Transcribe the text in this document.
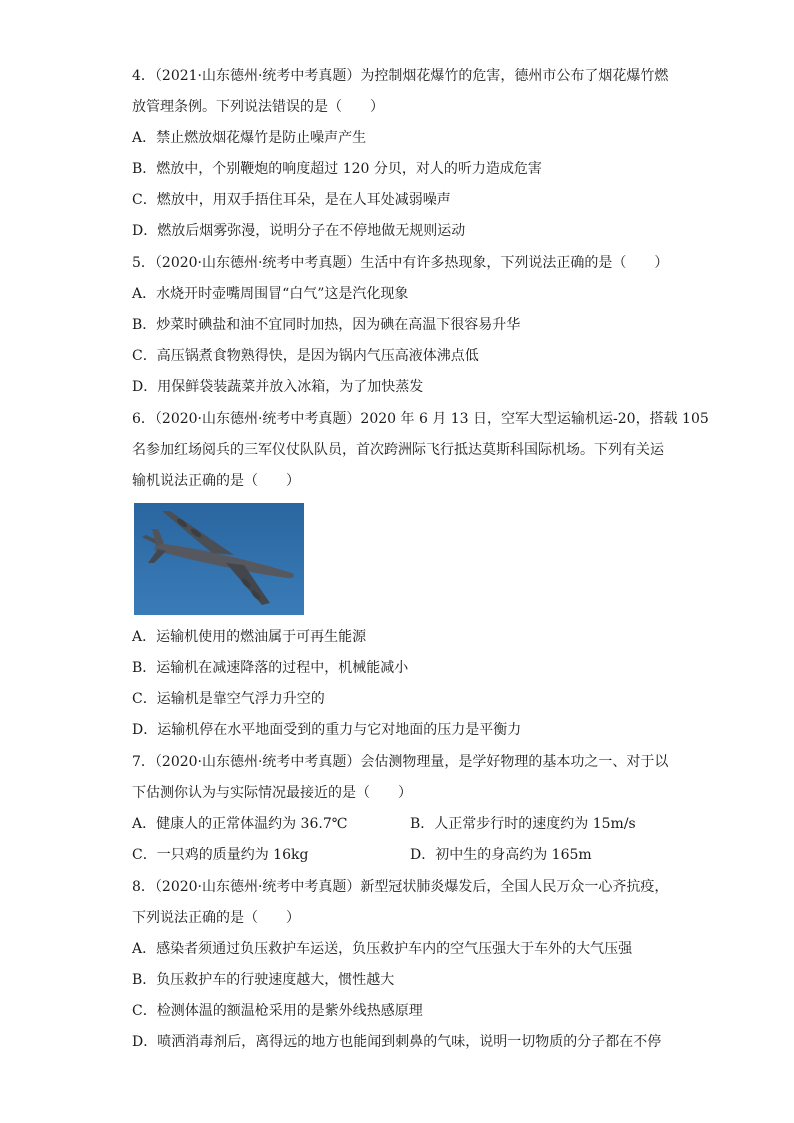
4．（2021·山东德州·统考中考真题）为控制烟花爆竹的危害，德州市公布了烟花爆竹燃
放管理条例。下列说法错误的是（　　）
A．禁止燃放烟花爆竹是防止噪声产生
B．燃放中，个别鞭炮的响度超过 120 分贝，对人的听力造成危害
C．燃放中，用双手捂住耳朵，是在人耳处减弱噪声
D．燃放后烟雾弥漫，说明分子在不停地做无规则运动
5．（2020·山东德州·统考中考真题）生活中有许多热现象，下列说法正确的是（　　）
A．水烧开时壶嘴周围冒“白气”这是汽化现象
B．炒菜时碘盐和油不宜同时加热，因为碘在高温下很容易升华
C．高压锅煮食物熟得快，是因为锅内气压高液体沸点低
D．用保鲜袋装蔬菜并放入冰箱，为了加快蒸发
6．（2020·山东德州·统考中考真题）2020 年 6 月 13 日，空军大型运输机运-20，搭载 105
名参加红场阅兵的三军仪仗队队员，首次跨洲际飞行抵达莫斯科国际机场。下列有关运
输机说法正确的是（　　）
A．运输机使用的燃油属于可再生能源
B．运输机在减速降落的过程中，机械能减小
C．运输机是靠空气浮力升空的
D．运输机停在水平地面受到的重力与它对地面的压力是平衡力
7．（2020·山东德州·统考中考真题）会估测物理量，是学好物理的基本功之一、对于以
下估测你认为与实际情况最接近的是（　　）
A．健康人的正常体温约为 36.7℃	B．人正常步行时的速度约为 15m/s
C．一只鸡的质量约为 16kg	D．初中生的身高约为 165m
8．（2020·山东德州·统考中考真题）新型冠状肺炎爆发后，全国人民万众一心齐抗疫，
下列说法正确的是（　　）
A．感染者须通过负压救护车运送，负压救护车内的空气压强大于车外的大气压强
B．负压救护车的行驶速度越大，惯性越大
C．检测体温的额温枪采用的是紫外线热感原理
D．喷洒消毒剂后，离得远的地方也能闻到刺鼻的气味，说明一切物质的分子都在不停
